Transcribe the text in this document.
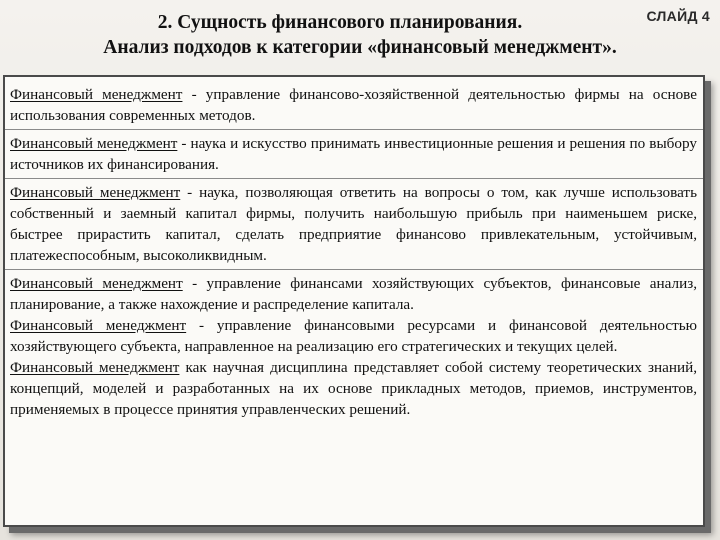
СЛАЙД 4
2. Сущность финансового планирования.
Анализ подходов к категории «финансовый менеджмент».
Финансовый менеджмент - управление финансово-хозяйственной деятельностью фирмы на основе использования современных методов.
Финансовый менеджмент - наука и искусство принимать инвестиционные решения и решения по выбору источников их финансирования.
Финансовый менеджмент - наука, позволяющая ответить на вопросы о том, как лучше использовать собственный и заемный капитал фирмы, получить наибольшую прибыль при наименьшем риске, быстрее прирастить капитал, сделать предприятие финансово привлекательным, устойчивым, платежеспособным, высоколиквидным.
Финансовый менеджмент - управление финансами хозяйствующих субъектов, финансовые анализ, планирование, а также нахождение и распределение капитала.
Финансовый менеджмент - управление финансовыми ресурсами и финансовой деятельностью хозяйствующего субъекта, направленное на реализацию его стратегических и текущих целей.
Финансовый менеджмент как научная дисциплина представляет собой систему теоретических знаний, концепций, моделей и разработанных на их основе прикладных методов, приемов, инструментов, применяемых в процессе принятия управленческих решений.
